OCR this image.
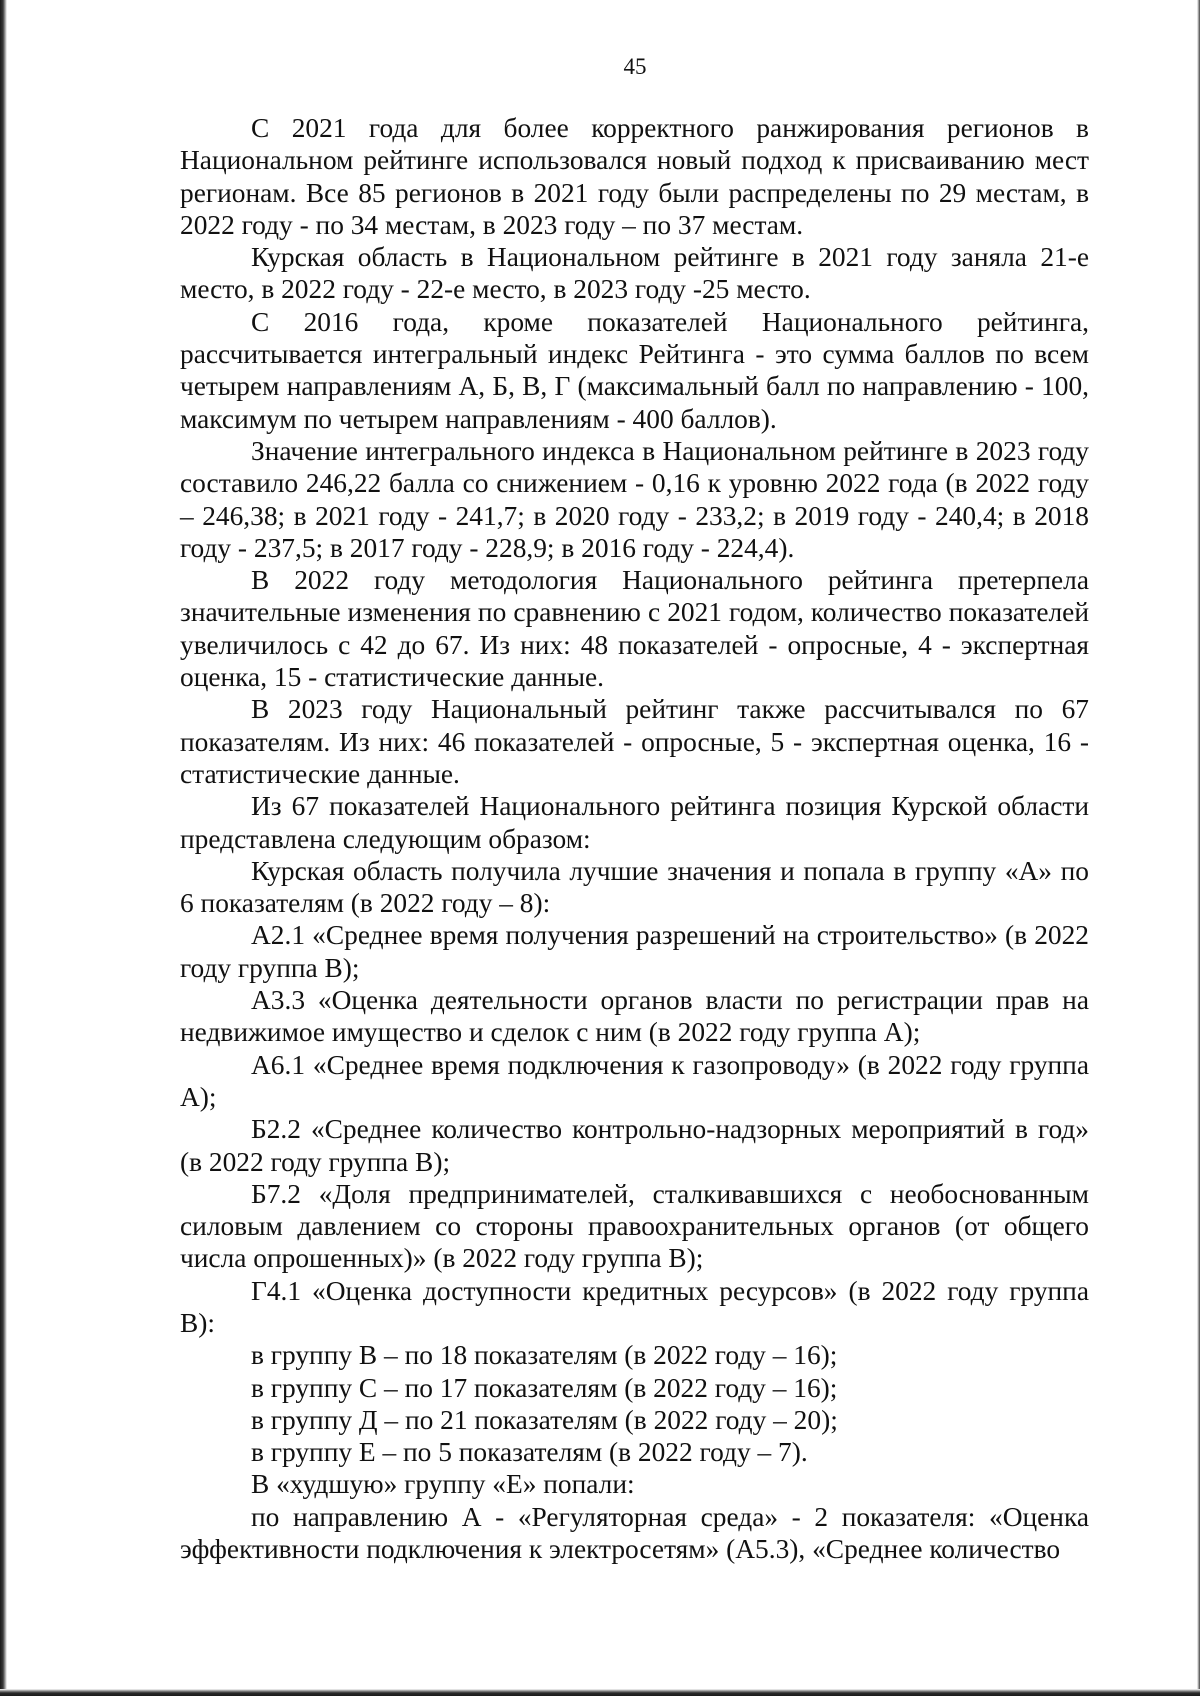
45

С 2021 года для более корректного ранжирования регионов в Национальном рейтинге использовался новый подход к присваиванию мест регионам. Все 85 регионов в 2021 году были распределены по 29 местам, в 2022 году - по 34 местам, в 2023 году – по 37 местам.

Курская область в Национальном рейтинге в 2021 году заняла 21-е место, в 2022 году - 22-е место, в 2023 году -25 место.

С 2016 года, кроме показателей Национального рейтинга, рассчитывается интегральный индекс Рейтинга - это сумма баллов по всем четырем направлениям А, Б, В, Г (максимальный балл по направлению - 100, максимум по четырем направлениям - 400 баллов).

Значение интегрального индекса в Национальном рейтинге в 2023 году составило 246,22 балла со снижением - 0,16 к уровню 2022 года (в 2022 году – 246,38; в 2021 году - 241,7; в 2020 году - 233,2; в 2019 году - 240,4; в 2018 году - 237,5; в 2017 году - 228,9; в 2016 году - 224,4).

В 2022 году методология Национального рейтинга претерпела значительные изменения по сравнению с 2021 годом, количество показателей увеличилось с 42 до 67. Из них: 48 показателей - опросные, 4 - экспертная оценка, 15 - статистические данные.

В 2023 году Национальный рейтинг также рассчитывался по 67 показателям. Из них: 46 показателей - опросные, 5 - экспертная оценка, 16 - статистические данные.

Из 67 показателей Национального рейтинга позиция Курской области представлена следующим образом:

Курская область получила лучшие значения и попала в группу «А» по 6 показателям (в 2022 году – 8):

А2.1 «Среднее время получения разрешений на строительство» (в 2022 году группа В);

А3.3 «Оценка деятельности органов власти по регистрации прав на недвижимое имущество и сделок с ним (в 2022 году группа А);

А6.1 «Среднее время подключения к газопроводу» (в 2022 году группа А);

Б2.2 «Среднее количество контрольно-надзорных мероприятий в год» (в 2022 году группа В);

Б7.2 «Доля предпринимателей, сталкивавшихся с необоснованным силовым давлением со стороны правоохранительных органов (от общего числа опрошенных)» (в 2022 году группа В);

Г4.1 «Оценка доступности кредитных ресурсов» (в 2022 году группа В):

в группу В – по 18 показателям (в 2022 году – 16);

в группу С – по 17 показателям (в 2022 году – 16);

в группу Д – по 21 показателям (в 2022 году – 20);

в группу Е – по 5 показателям (в 2022 году – 7).

В «худшую» группу «Е» попали:

по направлению А - «Регуляторная среда» - 2 показателя: «Оценка эффективности подключения к электросетям» (А5.3), «Среднее количество
